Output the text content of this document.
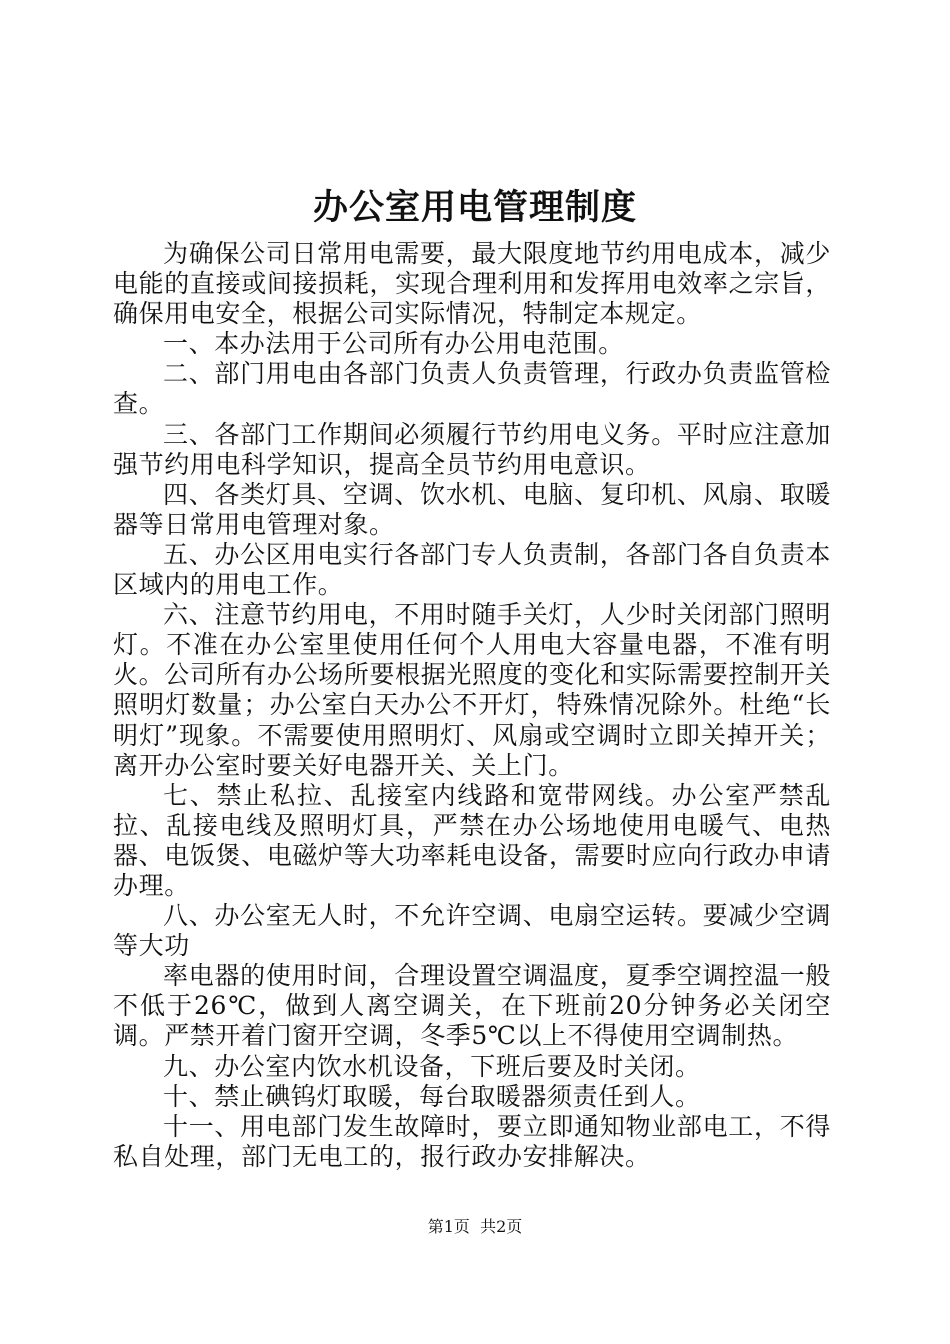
办公室用电管理制度

为确保公司日常用电需要，最大限度地节约用电成本，减少电能的直接或间接损耗，实现合理利用和发挥用电效率之宗旨，确保用电安全，根据公司实际情况，特制定本规定。

一、本办法用于公司所有办公用电范围。

二、部门用电由各部门负责人负责管理，行政办负责监管检查。

三、各部门工作期间必须履行节约用电义务。平时应注意加强节约用电科学知识，提高全员节约用电意识。

四、各类灯具、空调、饮水机、电脑、复印机、风扇、取暖器等日常用电管理对象。

五、办公区用电实行各部门专人负责制，各部门各自负责本区域内的用电工作。

六、注意节约用电，不用时随手关灯，人少时关闭部门照明灯。不准在办公室里使用任何个人用电大容量电器，不准有明火。公司所有办公场所要根据光照度的变化和实际需要控制开关照明灯数量；办公室白天办公不开灯，特殊情况除外。杜绝“长明灯”现象。不需要使用照明灯、风扇或空调时立即关掉开关；离开办公室时要关好电器开关、关上门。

七、禁止私拉、乱接室内线路和宽带网线。办公室严禁乱拉、乱接电线及照明灯具，严禁在办公场地使用电暖气、电热器、电饭煲、电磁炉等大功率耗电设备，需要时应向行政办申请办理。

八、办公室无人时，不允许空调、电扇空运转。要减少空调等大功

率电器的使用时间，合理设置空调温度，夏季空调控温一般不低于26℃，做到人离空调关，在下班前20分钟务必关闭空调。严禁开着门窗开空调，冬季5℃以上不得使用空调制热。

九、办公室内饮水机设备，下班后要及时关闭。

十、禁止碘钨灯取暖，每台取暖器须责任到人。

十一、用电部门发生故障时，要立即通知物业部电工，不得私自处理，部门无电工的，报行政办安排解决。

第1页  共2页
